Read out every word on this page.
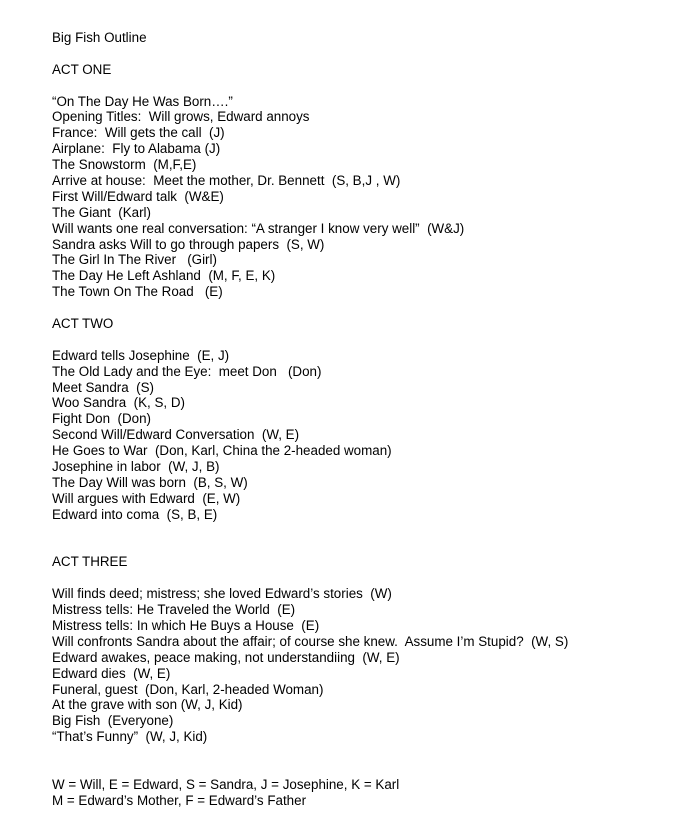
Big Fish Outline
ACT ONE
“On The Day He Was Born….”
Opening Titles:  Will grows, Edward annoys
France:  Will gets the call  (J)
Airplane:  Fly to Alabama (J)
The Snowstorm  (M,F,E)
Arrive at house:  Meet the mother, Dr. Bennett  (S, B,J , W)
First Will/Edward talk  (W&E)
The Giant  (Karl)
Will wants one real conversation: “A stranger I know very well”  (W&J)
Sandra asks Will to go through papers  (S, W)
The Girl In The River   (Girl)
The Day He Left Ashland  (M, F, E, K)
The Town On The Road   (E)
ACT TWO
Edward tells Josephine  (E, J)
The Old Lady and the Eye:  meet Don   (Don)
Meet Sandra  (S)
Woo Sandra  (K, S, D)
Fight Don  (Don)
Second Will/Edward Conversation  (W, E)
He Goes to War  (Don, Karl, China the 2-headed woman)
Josephine in labor  (W, J, B)
The Day Will was born  (B, S, W)
Will argues with Edward  (E, W)
Edward into coma  (S, B, E)
ACT THREE
Will finds deed; mistress; she loved Edward’s stories  (W)
Mistress tells: He Traveled the World  (E)
Mistress tells: In which He Buys a House  (E)
Will confronts Sandra about the affair; of course she knew.  Assume I’m Stupid?  (W, S)
Edward awakes, peace making, not understandiing  (W, E)
Edward dies  (W, E)
Funeral, guest  (Don, Karl, 2-headed Woman)
At the grave with son (W, J, Kid)
Big Fish  (Everyone)
“That’s Funny”  (W, J, Kid)
W = Will, E = Edward, S = Sandra, J = Josephine, K = Karl
M = Edward’s Mother, F = Edward’s Father
